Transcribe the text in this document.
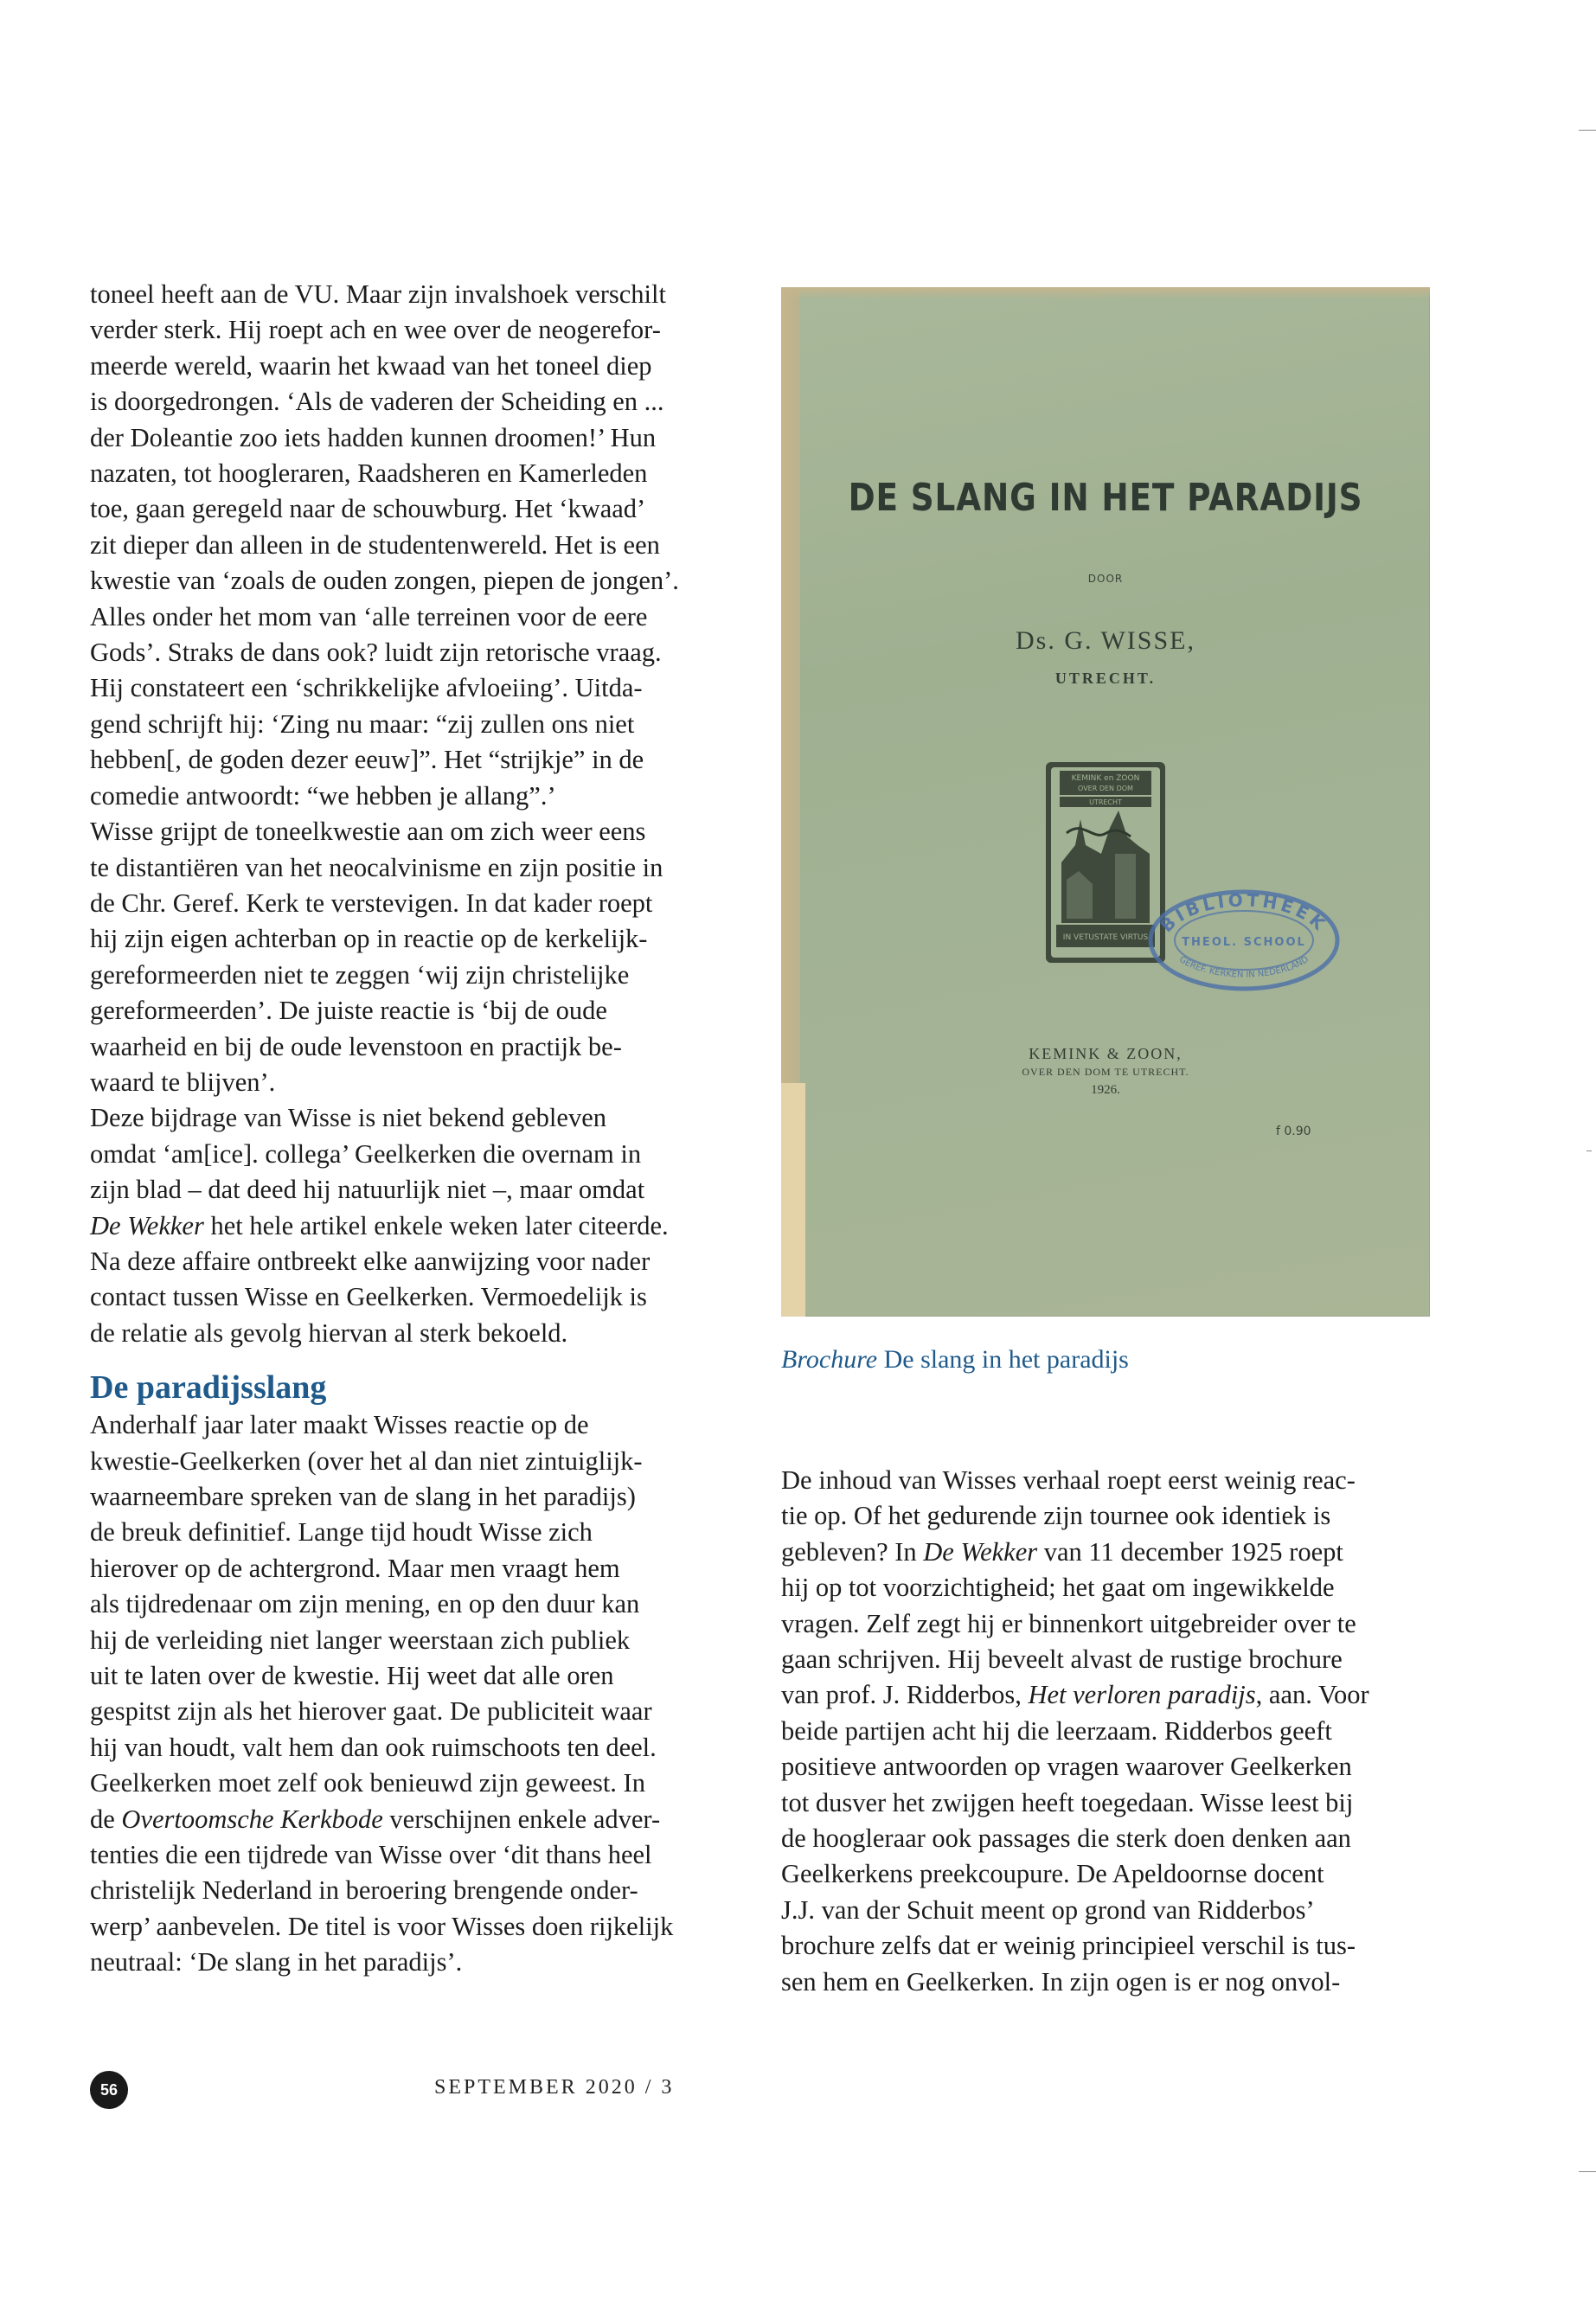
toneel heeft aan de VU. Maar zijn invalshoek verschilt
verder sterk. Hij roept ach en wee over de neogerefor-
meerde wereld, waarin het kwaad van het toneel diep
is doorgedrongen. ‘Als de vaderen der Scheiding en ...
der Doleantie zoo iets hadden kunnen droomen!’ Hun
nazaten, tot hoogleraren, Raadsheren en Kamerleden
toe, gaan geregeld naar de schouwburg. Het ‘kwaad’
zit dieper dan alleen in de studentenwereld. Het is een
kwestie van ‘zoals de ouden zongen, piepen de jongen’.
Alles onder het mom van ‘alle terreinen voor de eere
Gods’. Straks de dans ook? luidt zijn retorische vraag.
Hij constateert een ‘schrikkelijke afvloeiing’. Uitda-
gend schrijft hij: ‘Zing nu maar: “zij zullen ons niet
hebben[, de goden dezer eeuw]”. Het “strijkje” in de
comedie antwoordt: “we hebben je allang”.’

Wisse grijpt de toneelkwestie aan om zich weer eens
te distantiëren van het neocalvinisme en zijn positie in
de Chr. Geref. Kerk te verstevigen. In dat kader roept
hij zijn eigen achterban op in reactie op de kerkelijk-
gereformeerden niet te zeggen ‘wij zijn christelijke
gereformeerden’. De juiste reactie is ‘bij de oude
waarheid en bij de oude levenstoon en practijk be-
waard te blijven’.

Deze bijdrage van Wisse is niet bekend gebleven
omdat ‘am[ice]. collega’ Geelkerken die overnam in
zijn blad – dat deed hij natuurlijk niet –, maar omdat
De Wekker het hele artikel enkele weken later citeerde.
Na deze affaire ontbreekt elke aanwijzing voor nader
contact tussen Wisse en Geelkerken. Vermoedelijk is
de relatie als gevolg hiervan al sterk bekoeld.

De paradijsslang

Anderhalf jaar later maakt Wisses reactie op de
kwestie-Geelkerken (over het al dan niet zintuiglijk-
waarneembare spreken van de slang in het paradijs)
de breuk definitief. Lange tijd houdt Wisse zich
hierover op de achtergrond. Maar men vraagt hem
als tijdredenaar om zijn mening, en op den duur kan
hij de verleiding niet langer weerstaan zich publiek
uit te laten over de kwestie. Hij weet dat alle oren
gespitst zijn als het hierover gaat. De publiciteit waar
hij van houdt, valt hem dan ook ruimschoots ten deel.
Geelkerken moet zelf ook benieuwd zijn geweest. In
de Overtoomsche Kerkbode verschijnen enkele adver-
tenties die een tijdrede van Wisse over ‘dit thans heel
christelijk Nederland in beroering brengende onder-
werp’ aanbevelen. De titel is voor Wisses doen rijkelijk
neutraal: ‘De slang in het paradijs’.

DE SLANG IN HET PARADIJS
DOOR
Ds. G. WISSE,
UTRECHT.
KEMINK en ZOON
OVER DEN DOM
UTRECHT
IN VETUSTATE VIRTUS
BIBLIOTHEEK
THEOL. SCHOOL
GEREF. KERKEN IN NEDERLAND
KEMINK & ZOON,
OVER DEN DOM TE UTRECHT.
1926.
f 0.90
Brochure De slang in het paradijs

De inhoud van Wisses verhaal roept eerst weinig reac-
tie op. Of het gedurende zijn tournee ook identiek is
gebleven? In De Wekker van 11 december 1925 roept
hij op tot voorzichtigheid; het gaat om ingewikkelde
vragen. Zelf zegt hij er binnenkort uitgebreider over te
gaan schrijven. Hij beveelt alvast de rustige brochure
van prof. J. Ridderbos, Het verloren paradijs, aan. Voor
beide partijen acht hij die leerzaam. Ridderbos geeft
positieve antwoorden op vragen waarover Geelkerken
tot dusver het zwijgen heeft toegedaan. Wisse leest bij
de hoogleraar ook passages die sterk doen denken aan
Geelkerkens preekcoupure. De Apeldoornse docent
J.J. van der Schuit meent op grond van Ridderbos’
brochure zelfs dat er weinig principieel verschil is tus-
sen hem en Geelkerken. In zijn ogen is er nog onvol-

56	SEPTEMBER 2020 / 3
